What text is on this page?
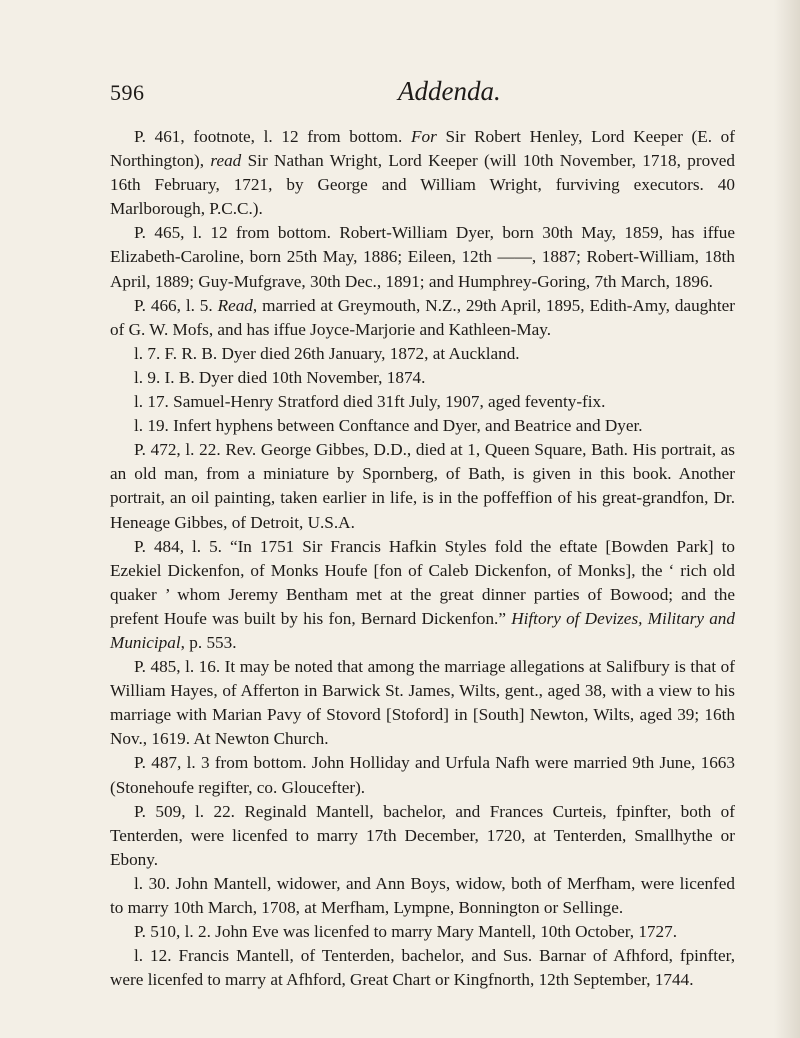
596	Addenda.

P. 461, footnote, l. 12 from bottom. For Sir Robert Henley, Lord Keeper (E. of Northington), read Sir Nathan Wright, Lord Keeper (will 10th November, 1718, proved 16th February, 1721, by George and William Wright, furviving executors. 40 Marlborough, P.C.C.).

P. 465, l. 12 from bottom. Robert-William Dyer, born 30th May, 1859, has iffue Elizabeth-Caroline, born 25th May, 1886; Eileen, 12th ——, 1887; Robert-William, 18th April, 1889; Guy-Mufgrave, 30th Dec., 1891; and Humphrey-Goring, 7th March, 1896.

P. 466, l. 5. Read, married at Greymouth, N.Z., 29th April, 1895, Edith-Amy, daughter of G. W. Mofs, and has iffue Joyce-Marjorie and Kathleen-May.

l. 7. F. R. B. Dyer died 26th January, 1872, at Auckland.

l. 9. I. B. Dyer died 10th November, 1874.

l. 17. Samuel-Henry Stratford died 31ft July, 1907, aged feventy-fix.

l. 19. Infert hyphens between Conftance and Dyer, and Beatrice and Dyer.

P. 472, l. 22. Rev. George Gibbes, D.D., died at 1, Queen Square, Bath. His portrait, as an old man, from a miniature by Spornberg, of Bath, is given in this book. Another portrait, an oil painting, taken earlier in life, is in the poffeffion of his great-grandfon, Dr. Heneage Gibbes, of Detroit, U.S.A.

P. 484, l. 5. “In 1751 Sir Francis Hafkin Styles fold the eftate [Bowden Park] to Ezekiel Dickenfon, of Monks Houfe [fon of Caleb Dickenfon, of Monks], the ‘ rich old quaker ’ whom Jeremy Bentham met at the great dinner parties of Bowood; and the prefent Houfe was built by his fon, Bernard Dickenfon.” Hiftory of Devizes, Military and Municipal, p. 553.

P. 485, l. 16. It may be noted that among the marriage allegations at Salifbury is that of William Hayes, of Afferton in Barwick St. James, Wilts, gent., aged 38, with a view to his marriage with Marian Pavy of Stovord [Stoford] in [South] Newton, Wilts, aged 39; 16th Nov., 1619. At Newton Church.

P. 487, l. 3 from bottom. John Holliday and Urfula Nafh were married 9th June, 1663 (Stonehoufe regifter, co. Gloucefter).

P. 509, l. 22. Reginald Mantell, bachelor, and Frances Curteis, fpinfter, both of Tenterden, were licenfed to marry 17th December, 1720, at Tenterden, Smallhythe or Ebony.

l. 30. John Mantell, widower, and Ann Boys, widow, both of Merfham, were licenfed to marry 10th March, 1708, at Merfham, Lympne, Bonnington or Sellinge.

P. 510, l. 2. John Eve was licenfed to marry Mary Mantell, 10th October, 1727.

l. 12. Francis Mantell, of Tenterden, bachelor, and Sus. Barnar of Afhford, fpinfter, were licenfed to marry at Afhford, Great Chart or Kingfnorth, 12th September, 1744.
